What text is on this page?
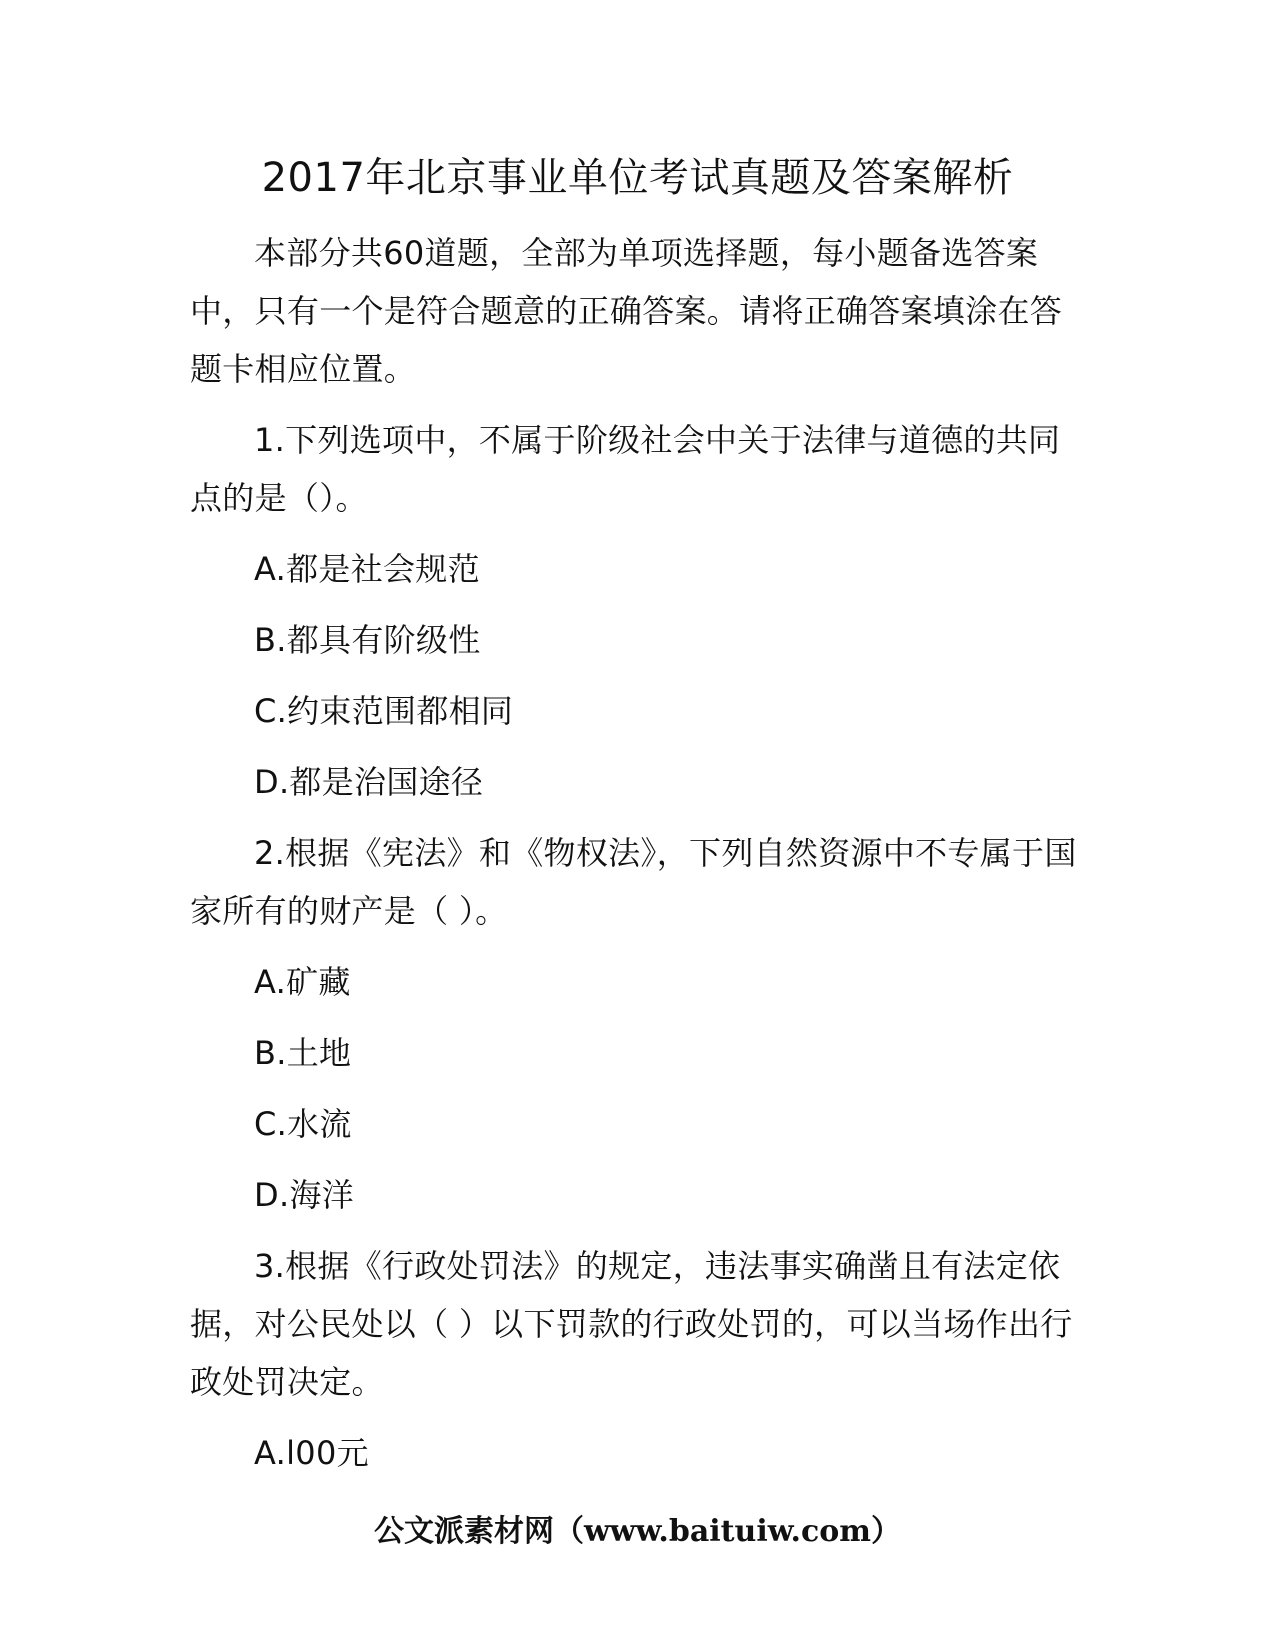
2017年北京事业单位考试真题及答案解析

本部分共60道题，全部为单项选择题，每小题备选答案中，只有一个是符合题意的正确答案。请将正确答案填涂在答题卡相应位置。

1.下列选项中，不属于阶级社会中关于法律与道德的共同点的是（）。

A.都是社会规范

B.都具有阶级性

C.约束范围都相同

D.都是治国途径

2.根据《宪法》和《物权法》，下列自然资源中不专属于国家所有的财产是（ ）。

A.矿藏

B.土地

C.水流

D.海洋

3.根据《行政处罚法》的规定，违法事实确凿且有法定依据，对公民处以（ ）以下罚款的行政处罚的，可以当场作出行政处罚决定。

A.l00元

公文派素材网（www.baituiw.com）
